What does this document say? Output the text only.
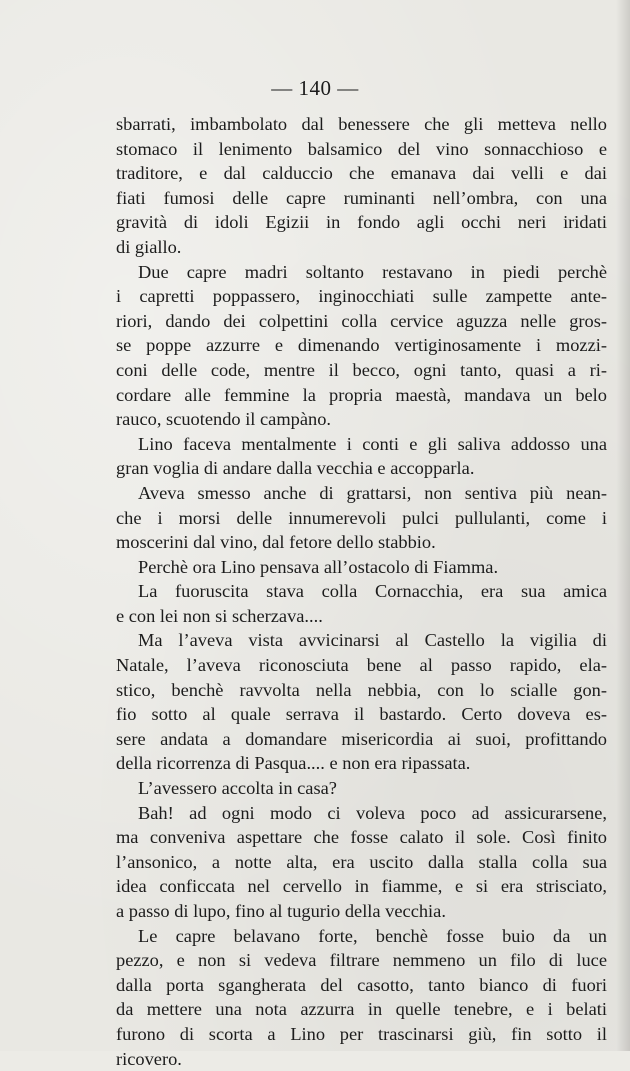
— 140 —
sbarrati, imbambolato dal benessere che gli metteva nello
stomaco il lenimento balsamico del vino sonnacchioso e
traditore, e dal calduccio che emanava dai velli e dai
fiati fumosi delle capre ruminanti nell’ombra, con una
gravità di idoli Egizii in fondo agli occhi neri iridati
di giallo.
Due capre madri soltanto restavano in piedi perchè
i capretti poppassero, inginocchiati sulle zampette ante-
riori, dando dei colpettini colla cervice aguzza nelle gros-
se poppe azzurre e dimenando vertiginosamente i mozzi-
coni delle code, mentre il becco, ogni tanto, quasi a ri-
cordare alle femmine la propria maestà, mandava un belo
rauco, scuotendo il campàno.
Lino faceva mentalmente i conti e gli saliva addosso una
gran voglia di andare dalla vecchia e accopparla.
Aveva smesso anche di grattarsi, non sentiva più nean-
che i morsi delle innumerevoli pulci pullulanti, come i
moscerini dal vino, dal fetore dello stabbio.
Perchè ora Lino pensava all’ostacolo di Fiamma.
La fuoruscita stava colla Cornacchia, era sua amica
e con lei non si scherzava....
Ma l’aveva vista avvicinarsi al Castello la vigilia di
Natale, l’aveva riconosciuta bene al passo rapido, ela-
stico, benchè ravvolta nella nebbia, con lo scialle gon-
fio sotto al quale serrava il bastardo. Certo doveva es-
sere andata a domandare misericordia ai suoi, profittando
della ricorrenza di Pasqua.... e non era ripassata.
L’avessero accolta in casa?
Bah! ad ogni modo ci voleva poco ad assicurarsene,
ma conveniva aspettare che fosse calato il sole. Così finito
l’ansonico, a notte alta, era uscito dalla stalla colla sua
idea conficcata nel cervello in fiamme, e si era strisciato,
a passo di lupo, fino al tugurio della vecchia.
Le capre belavano forte, benchè fosse buio da un
pezzo, e non si vedeva filtrare nemmeno un filo di luce
dalla porta sgangherata del casotto, tanto bianco di fuori
da mettere una nota azzurra in quelle tenebre, e i belati
furono di scorta a Lino per trascinarsi giù, fin sotto il
ricovero.
